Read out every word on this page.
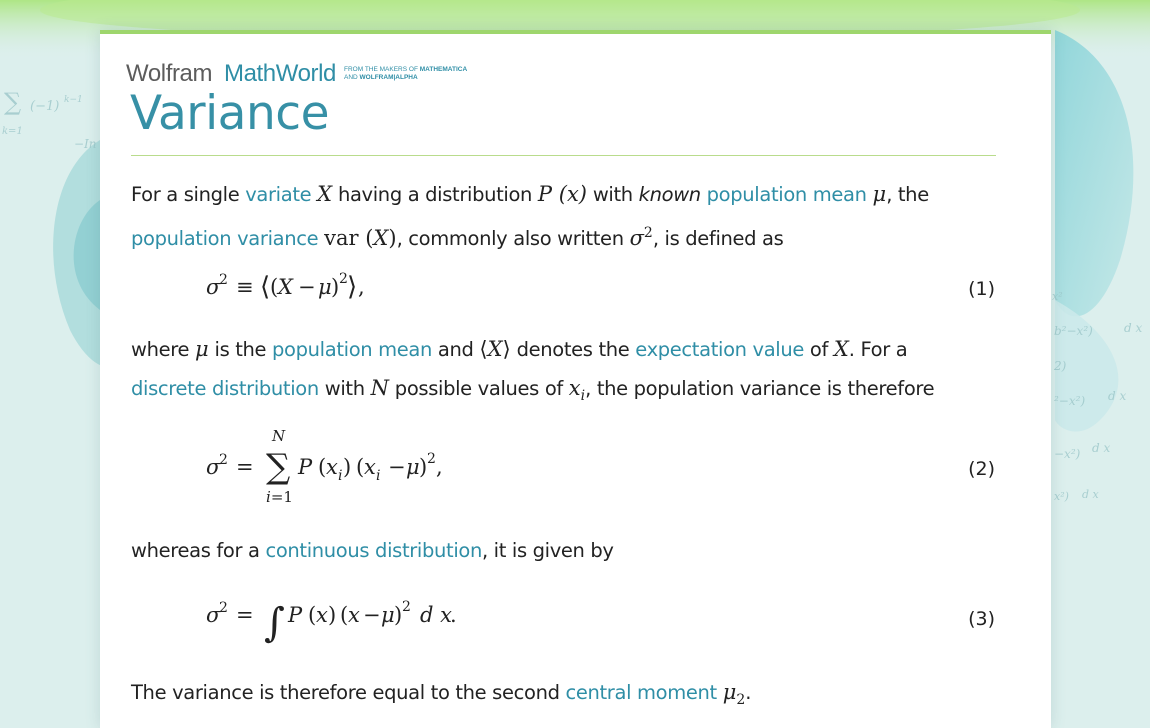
∑ (−1) k−1
k=1
−In
b²−x²)	d x
2)
²−x²) d x
−x²) d x
x²) d x
x²
Wolfram MathWorld FROM THE MAKERS OF MATHEMATICA
AND WOLFRAM|ALPHA
Variance

For a single variate X having a distribution P (x) with known population mean μ, the
population variance var (X), commonly also written $\sigma^2$, is defined as

σ
2 ≡ ⟨ ( X − μ ) 2 ⟩ ,	(1)

where μ is the population mean and ⟨X⟩ denotes the expectation value of X. For a
discrete distribution with N possible values of $x_i$, the population variance is therefore

N
σ
2 = ∑
i=1
P ( x i ) ( x i − μ ) 2 ,	(2)

whereas for a continuous distribution, it is given by

σ
2 = ∫ P ( x ) ( x − μ ) 2 d x
.	(3)

The variance is therefore equal to the second central moment $\mu_2$.
